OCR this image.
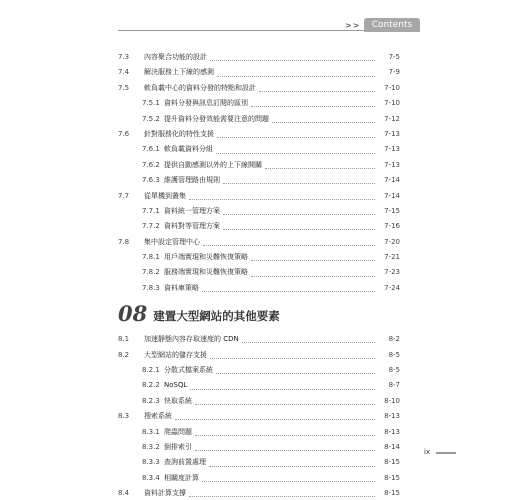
>>	Contents
7.3	內容聚合功能的設計	7-5
7.4	解決服務上下線的感測	7-9
7.5	軟負載中心的資料分發的特點和設計	7-10
7.5.1 資料分發與訊息訂閱的區別	7-10
7.5.2 提升資料分發效能需要注意的問題	7-12
7.6	針對服務化的特性支援	7-13
7.6.1 軟負載資料分組	7-13
7.6.2 提供自動感測以外的上下線開關	7-13
7.6.3 維護管理路由規則	7-14
7.7	從單機到叢集	7-14
7.7.1 資料統一管理方案	7-15
7.7.2 資料對等管理方案	7-16
7.8	集中設定管理中心	7-20
7.8.1 用戶端實現和災難恢復策略	7-21
7.8.2 服務端實現和災難恢復策略	7-23
7.8.3 資料庫策略	7-24
08 建置大型網站的其他要素
8.1	加速靜態內容存取速度的 CDN	8-2
8.2	大型網站的儲存支援	8-5
8.2.1 分散式檔案系統	8-5
8.2.2 NoSQL	8-7
8.2.3 快取系統	8-10
8.3	搜索系統	8-13
8.3.1 爬蟲問題	8-13
8.3.2 倒排索引	8-14
8.3.3 查詢前置處理	8-15
8.3.4 相關度計算	8-15
8.4	資料計算支撐	8-15
ix
